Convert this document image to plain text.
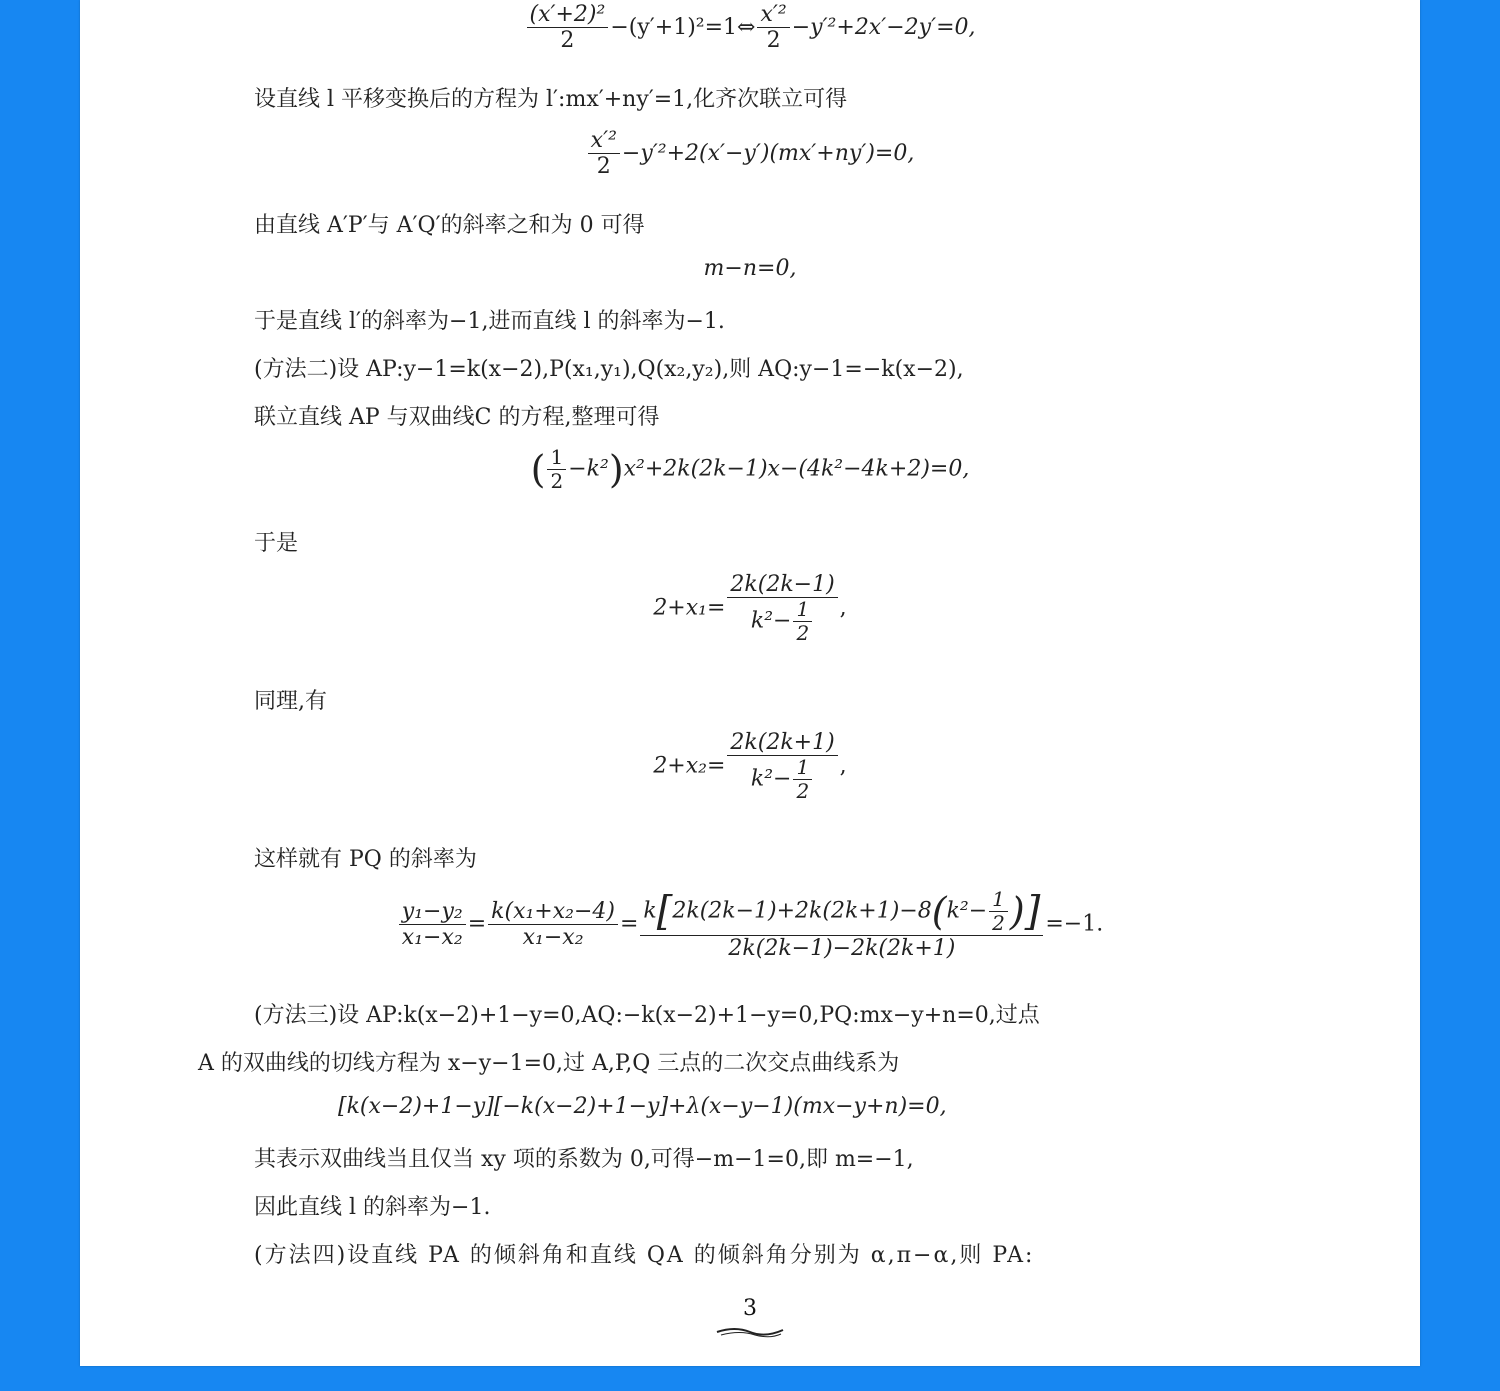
$\frac{\text{(x′+2)²}}{2}$ −(y′+1)²=1⇔ $\frac{\text{x′²}}{2} -y'^2+2x'-2y'=0$,
设直线 l 平移变换后的方程为 l′:mx′+ny′=1,化齐次联立可得
$\frac{\text{x′²}}{2} -y'^2+2(x'-y')(mx'+ny')=0$,
由直线 A′P′与 A′Q′的斜率之和为 0 可得
m−n=0,
于是直线 l′的斜率为−1,进而直线 l 的斜率为−1.
(方法二)设 AP:y−1=k(x−2),P(x₁,y₁),Q(x₂,y₂),则 AQ:y−1=−k(x−2),
联立直线 AP 与双曲线C 的方程,整理可得
( $\frac{1}{2} -k^2)x^2+2k(2k-1)x-(4k^2-4k+2)=0$,
于是
$2+x_1= \frac{2k(2k-1)}{k^2- \frac{1}{2}}$ ,
同理,有
$2+x_2= \frac{2k(2k+1)}{k^2- \frac{1}{2}}$ ,
这样就有 PQ 的斜率为
$\frac{\text{y₁−y₂}}{\text{x₁−x₂}} = \frac{\text{k(x₁+x₂−4)}}{\text{x₁−x₂}} = \frac{k[2k(2k-1)+2k(2k+1)-8(k^2- \frac{1}{2} )]}{2k(2k-1)-2k(2k+1)} =-1$.
(方法三)设 AP:k(x−2)+1−y=0,AQ:−k(x−2)+1−y=0,PQ:mx−y+n=0,过点
A 的双曲线的切线方程为 x−y−1=0,过 A,P,Q 三点的二次交点曲线系为
[k(x−2)+1−y][−k(x−2)+1−y]+λ(x−y−1)(mx−y+n)=0,
其表示双曲线当且仅当 xy 项的系数为 0,可得−m−1=0,即 m=−1,
因此直线 l 的斜率为−1.
(方法四)设直线 PA 的倾斜角和直线 QA 的倾斜角分别为 α,π−α,则 PA:
3
